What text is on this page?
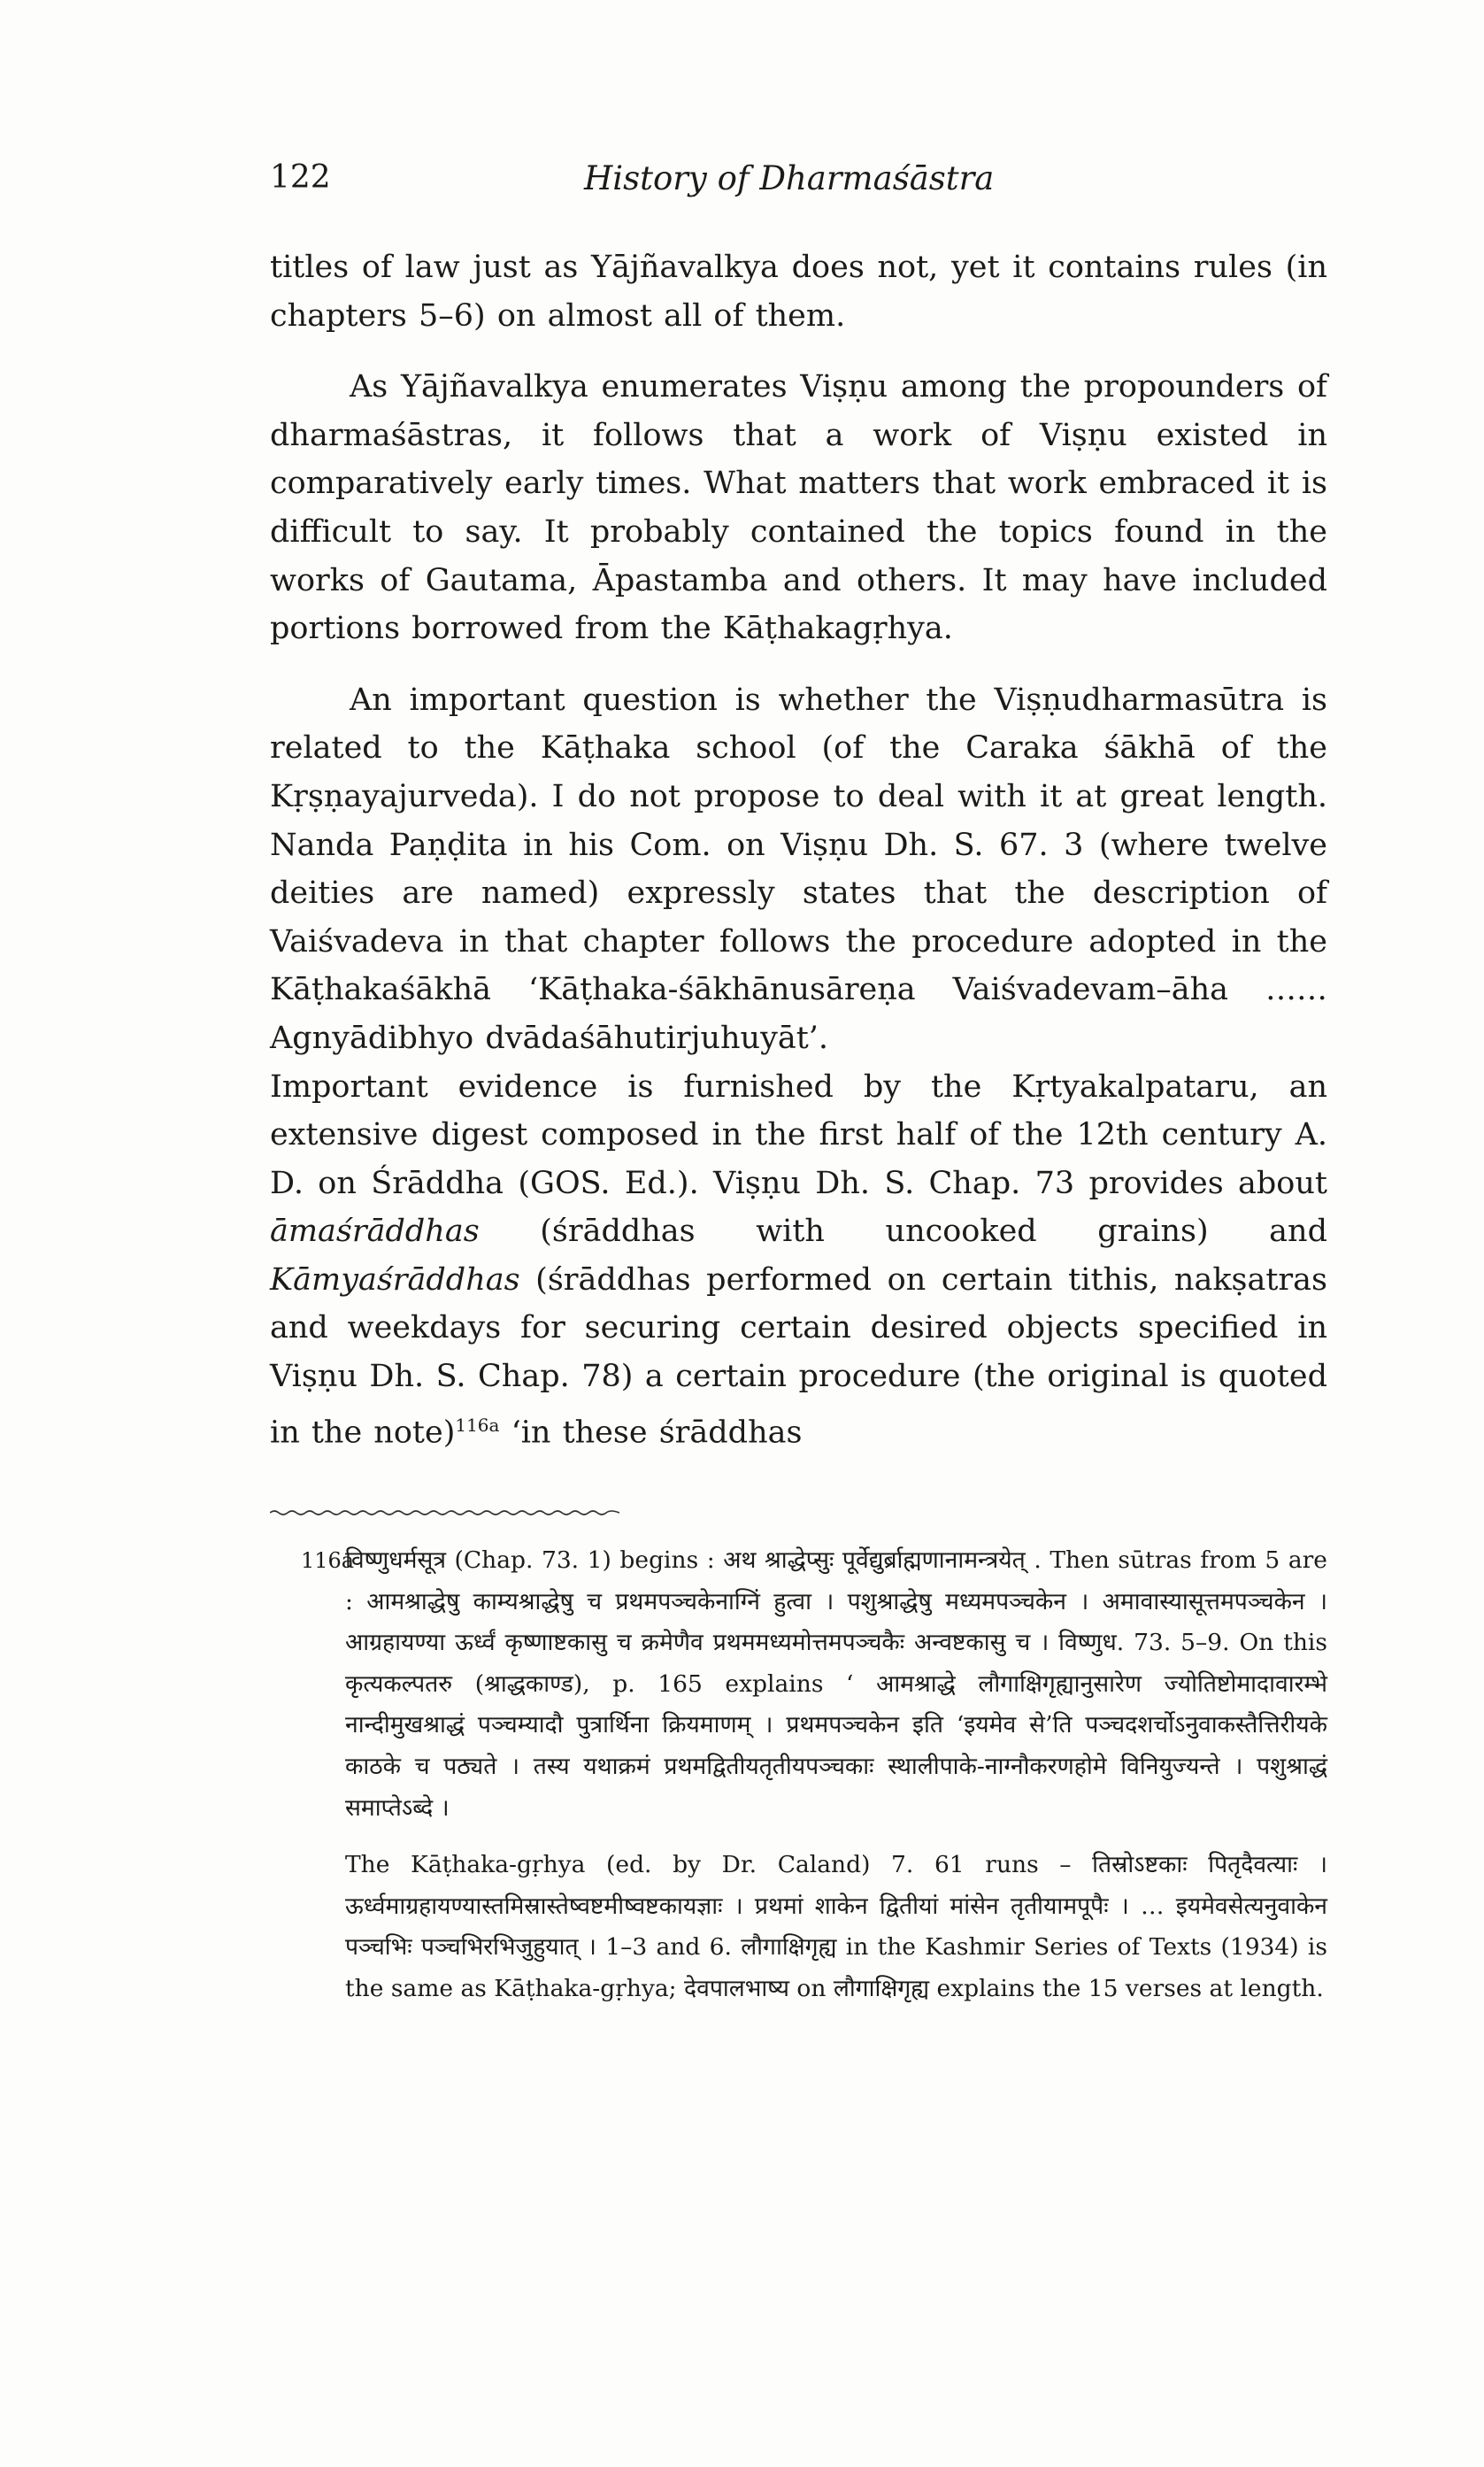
122	History of Dharmaśāstra

titles of law just as Yājñavalkya does not, yet it contains rules (in chapters 5–6) on almost all of them.

As Yājñavalkya enumerates Viṣṇu among the propounders of dharmaśāstras, it follows that a work of Viṣṇu existed in comparatively early times. What matters that work embraced it is difficult to say. It probably contained the topics found in the works of Gautama, Āpastamba and others. It may have included portions borrowed from the Kāṭhakagṛhya.

An important question is whether the Viṣṇudharmasūtra is related to the Kāṭhaka school (of the Caraka śākhā of the Kṛṣṇayajurveda). I do not propose to deal with it at great length. Nanda Paṇḍita in his Com. on Viṣṇu Dh. S. 67. 3 (where twelve deities are named) expressly states that the description of Vaiśvadeva in that chapter follows the procedure adopted in the Kāṭhakaśākhā ‘Kāṭhaka-śākhānusāreṇa Vaiśvadevam–āha …… Agnyādibhyo dvādaśāhutirjuhuyāt’.

Important evidence is furnished by the Kṛtyakalpataru, an extensive digest composed in the first half of the 12th century A. D. on Śrāddha (GOS. Ed.). Viṣṇu Dh. S. Chap. 73 provides about āmaśrāddhas (śrāddhas with uncooked grains) and Kāmyaśrāddhas (śrāddhas performed on certain tithis, nakṣatras and weekdays for securing certain desired objects specified in Viṣṇu Dh. S. Chap. 78) a certain procedure (the original is quoted in the note)$^{116a}$ ‘in these śrāddhas

116a

विष्णुधर्मसूत्र (Chap. 73. 1) begins : अथ श्राद्धेप्सुः पूर्वेद्युर्ब्राह्मणानामन्त्रयेत् . Then sūtras from 5 are : आमश्राद्धेषु काम्यश्राद्धेषु च प्रथमपञ्चकेनाग्निं हुत्वा । पशुश्राद्धेषु मध्यमपञ्चकेन । अमावास्यासूत्तमपञ्चकेन । आग्रहायण्या ऊर्ध्वं कृष्णाष्टकासु च क्रमेणैव प्रथममध्यमोत्तमपञ्चकैः अन्वष्टकासु च । विष्णुध. 73. 5–9. On this कृत्यकल्पतरु (श्राद्धकाण्ड), p. 165 explains ‘ आमश्राद्धे लौगाक्षिगृह्यानुसारेण ज्योतिष्टोमादावारम्भे नान्दीमुखश्राद्धं पञ्चम्यादौ पुत्रार्थिना क्रियमाणम् । प्रथमपञ्चकेन इति ‘इयमेव से’ति पञ्चदशर्चोऽनुवाकस्तैत्तिरीयके काठके च पठ्यते । तस्य यथाक्रमं प्रथमद्वितीयतृतीयपञ्चकाः स्थालीपाके-नाग्नौकरणहोमे विनियुज्यन्ते । पशुश्राद्धं समाप्तेऽब्दे ।

The Kāṭhaka-gṛhya (ed. by Dr. Caland) 7. 61 runs – तिस्रोऽष्टकाः पितृदैवत्याः । ऊर्ध्वमाग्रहायण्यास्तमिस्रास्तेष्वष्टमीष्वष्टकायज्ञाः । प्रथमां शाकेन द्वितीयां मांसेन तृतीयामपूपैः । … इयमेवसेत्यनुवाकेन पञ्चभिः पञ्चभिरभिजुहुयात् । 1–3 and 6. लौगाक्षिगृह्य in the Kashmir Series of Texts (1934) is the same as Kāṭhaka-gṛhya; देवपालभाष्य on लौगाक्षिगृह्य explains the 15 verses at length.
